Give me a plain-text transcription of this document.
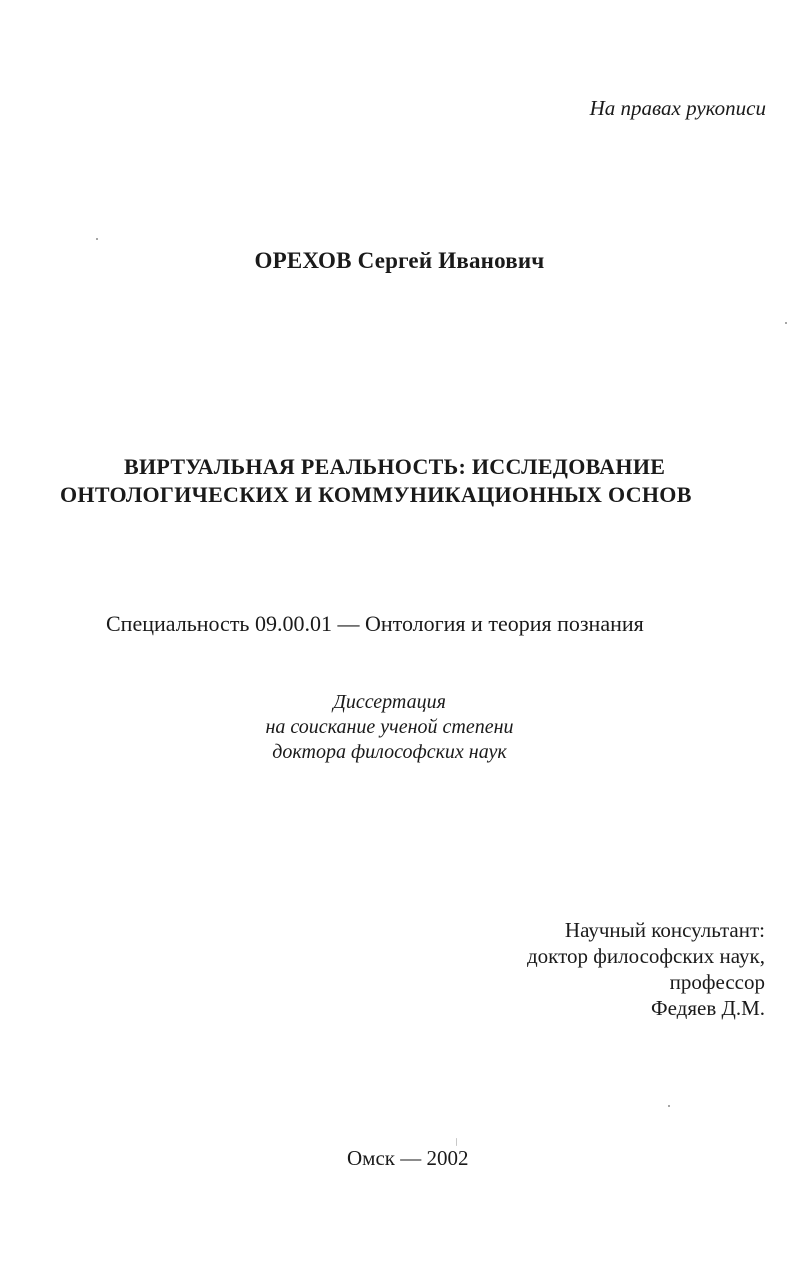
На правах рукописи

ОРЕХОВ Сергей Иванович

ВИРТУАЛЬНАЯ РЕАЛЬНОСТЬ: ИССЛЕДОВАНИЕ

ОНТОЛОГИЧЕСКИХ И КОММУНИКАЦИОННЫХ ОСНОВ

Специальность 09.00.01 — Онтология и теория познания

Диссертация

на соискание ученой степени

доктора философских наук

Научный консультант:

доктор философских наук,

профессор

Федяев Д.М.

Омск — 2002
